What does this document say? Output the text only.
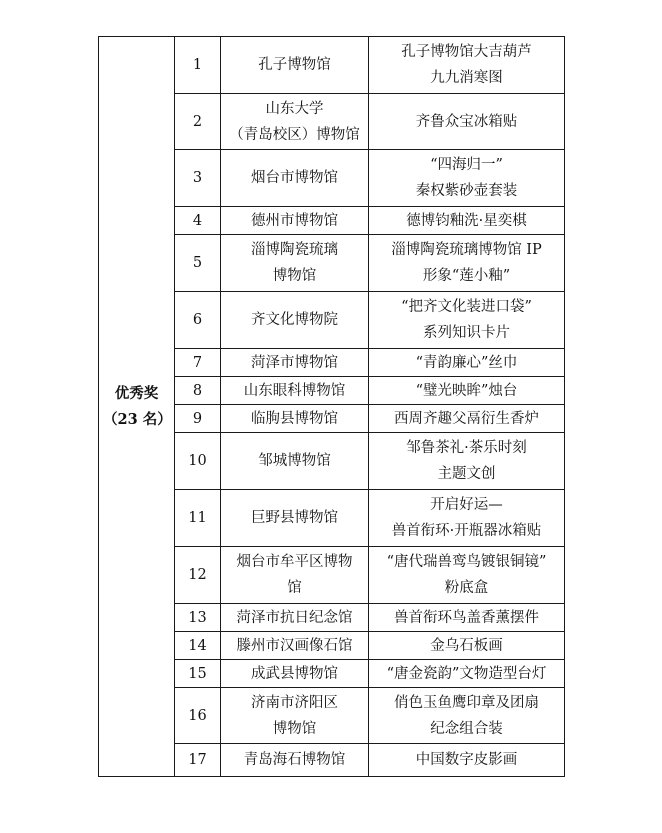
优秀奖
（23 名）	1	孔子博物馆	孔子博物馆大吉葫芦
九九消寒图

	2	山东大学
（青岛校区）博物馆	齐鲁众宝冰箱贴

	3	烟台市博物馆	“四海归一”
秦权紫砂壶套装

	4	德州市博物馆	德博钧釉洗·星奕棋

	5	淄博陶瓷琉璃
博物馆	淄博陶瓷琉璃博物馆 IP
形象“莲小釉”

	6	齐文化博物院	“把齐文化装进口袋”
系列知识卡片

	7	菏泽市博物馆	“青韵廉心”丝巾

	8	山东眼科博物馆	“璧光映眸”烛台

	9	临朐县博物馆	西周齐趣父鬲衍生香炉

	10	邹城博物馆	邹鲁茶礼·茶乐时刻
主题文创

	11	巨野县博物馆	开启好运—
兽首衔环·开瓶器冰箱贴

	12	烟台市牟平区博物
馆	“唐代瑞兽鸾鸟镀银铜镜”
粉底盒

	13	菏泽市抗日纪念馆	兽首衔环鸟盖香薰摆件

	14	滕州市汉画像石馆	金乌石板画

	15	成武县博物馆	“唐金瓷韵”文物造型台灯

	16	济南市济阳区
博物馆	俏色玉鱼鹰印章及团扇
纪念组合装

	17	青岛海石博物馆	中国数字皮影画
